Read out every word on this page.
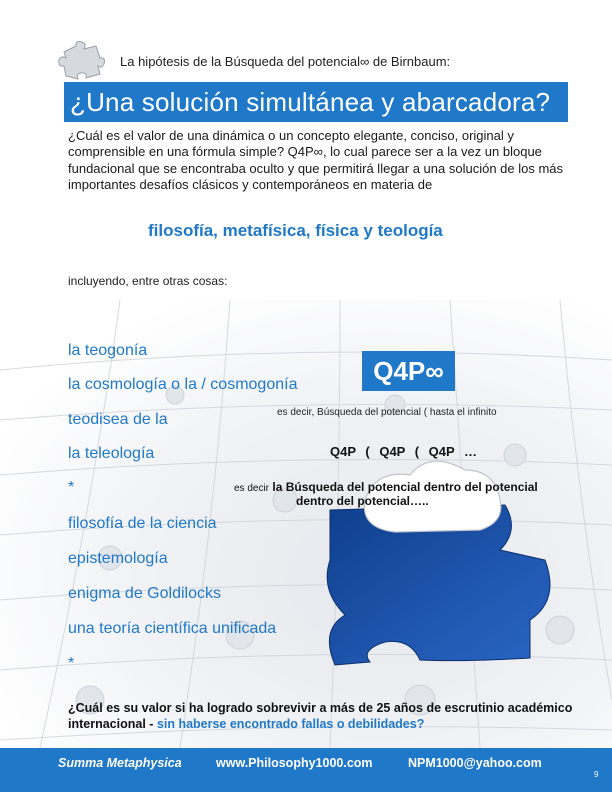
La hipótesis de la Búsqueda del potencial∞ de Birnbaum:
¿Una solución simultánea y abarcadora?

¿Cuál es el valor de una dinámica o un concepto elegante, conciso, original y comprensible en una fórmula simple? Q4P∞, lo cual parece ser a la vez un bloque fundacional que se encontraba oculto y que permitirá llegar a una solución de los más importantes desafíos clásicos y contemporáneos en materia de

filosofía, metafísica, física y teología
incluyendo, entre otras cosas:
la teogonía
la cosmología o la / cosmogonía
teodisea de la
la teleología
*
filosofía de la ciencia
epistemología
enigma de Goldilocks
una teoría científica unificada
*
Q4P∞
es decir, Búsqueda del potencial ( hasta el infinito
Q4P ( Q4P ( Q4P …
es decir la Búsqueda del potencial dentro del potencial
dentro del potencial…..

¿Cuál es su valor si ha logrado sobrevivir a más de 25 años de escrutinio académico internacional - sin haberse encontrado fallas o debilidades?

Summa Metaphysica	www.Philosophy1000.com	NPM1000@yahoo.com
9
